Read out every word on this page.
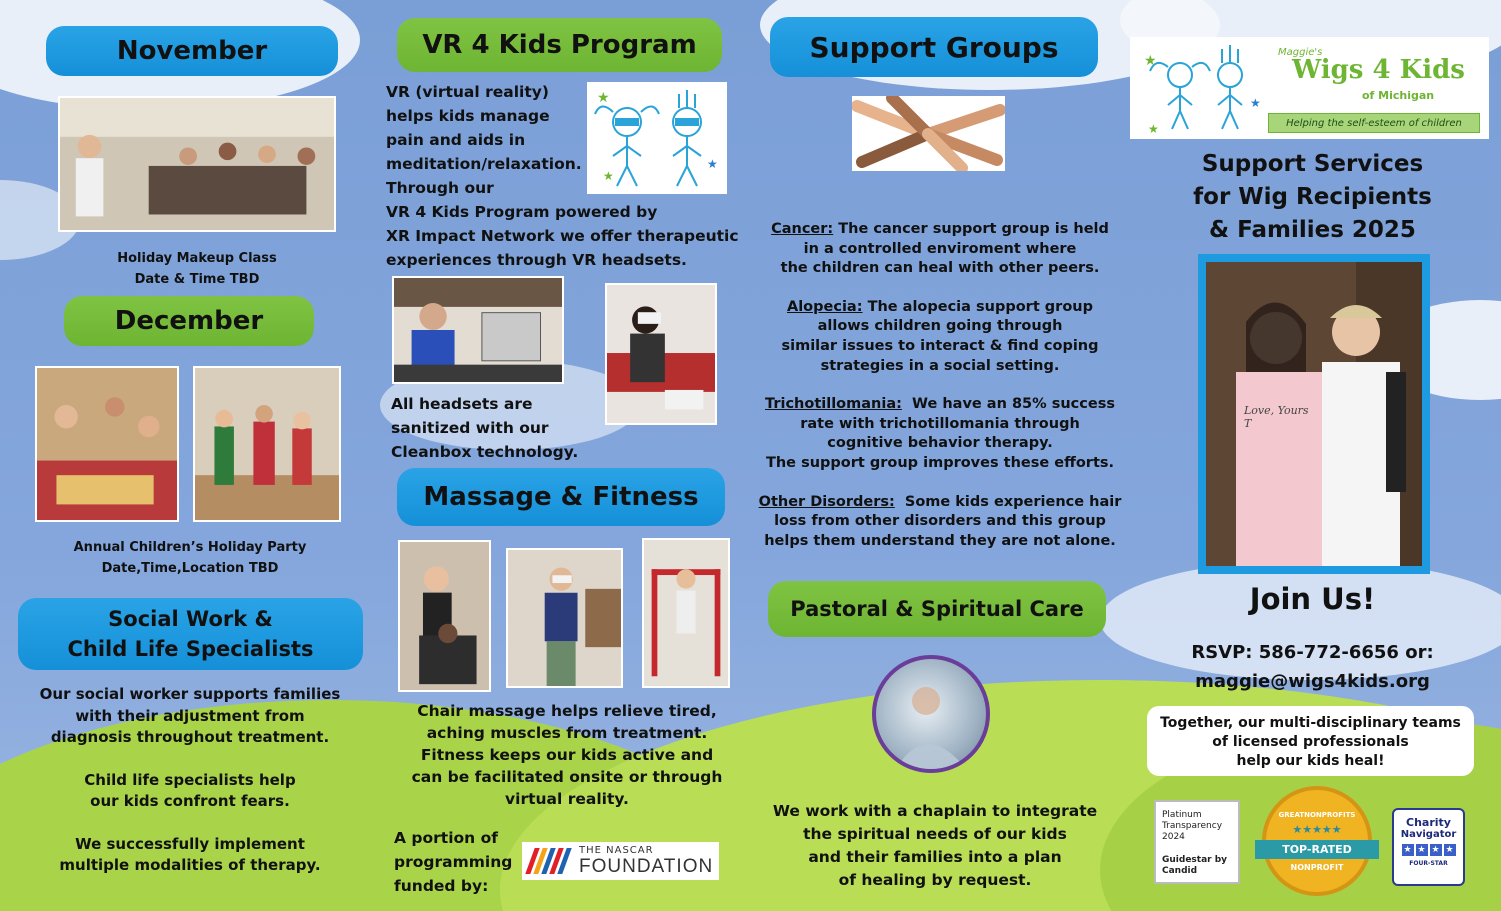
November
Holiday Makeup Class
Date & Time TBD
December
Annual Children’s Holiday Party
Date,Time,Location TBD
Social Work &
Child Life Specialists
Our social worker supports families
with their adjustment from
diagnosis throughout treatment.
Child life specialists help
our kids confront fears.
We successfully implement
multiple modalities of therapy.
VR 4 Kids Program
VR (virtual reality)
helps kids manage
pain and aids in
meditation/relaxation.
Through our
VR 4 Kids Program powered by
XR Impact Network we offer therapeutic
experiences through VR headsets.
★
★
★
All headsets are
sanitized with our
Cleanbox technology.
Massage & Fitness
Chair massage helps relieve tired,
aching muscles from treatment.
Fitness keeps our kids active and
can be facilitated onsite or through
virtual reality.
A portion of
programming
funded by:
THE NASCAR
FOUNDATION
Support Groups
Cancer: The cancer support group is held
in a controlled enviroment where
the children can heal with other peers.
Alopecia: The alopecia support group
allows children going through
similar issues to interact & find coping
strategies in a social setting.
Trichotillomania:  We have an 85% success
rate with trichotillomania through
cognitive behavior therapy.
The support group improves these efforts.
Other Disorders:  Some kids experience hair
loss from other disorders and this group
helps them understand they are not alone.
Pastoral & Spiritual Care
We work with a chaplain to integrate
the spiritual needs of our kids
and their families into a plan
of healing by request.
★
★
★
Maggie's
Wigs 4 Kids
of Michigan
Helping the self-esteem of children
Support Services
for Wig Recipients
& Families 2025
Love, Yours T
Join Us!
RSVP: 586-772-6656 or:
maggie@wigs4kids.org
Together, our multi-disciplinary teams
of licensed professionals
help our kids heal!
Platinum
Transparency
2024
Guidestar by
Candid
GREATNONPROFITS
★★★★★
TOP-RATED
NONPROFIT
Charity
Navigator
★ ★ ★ ★
FOUR-STAR
